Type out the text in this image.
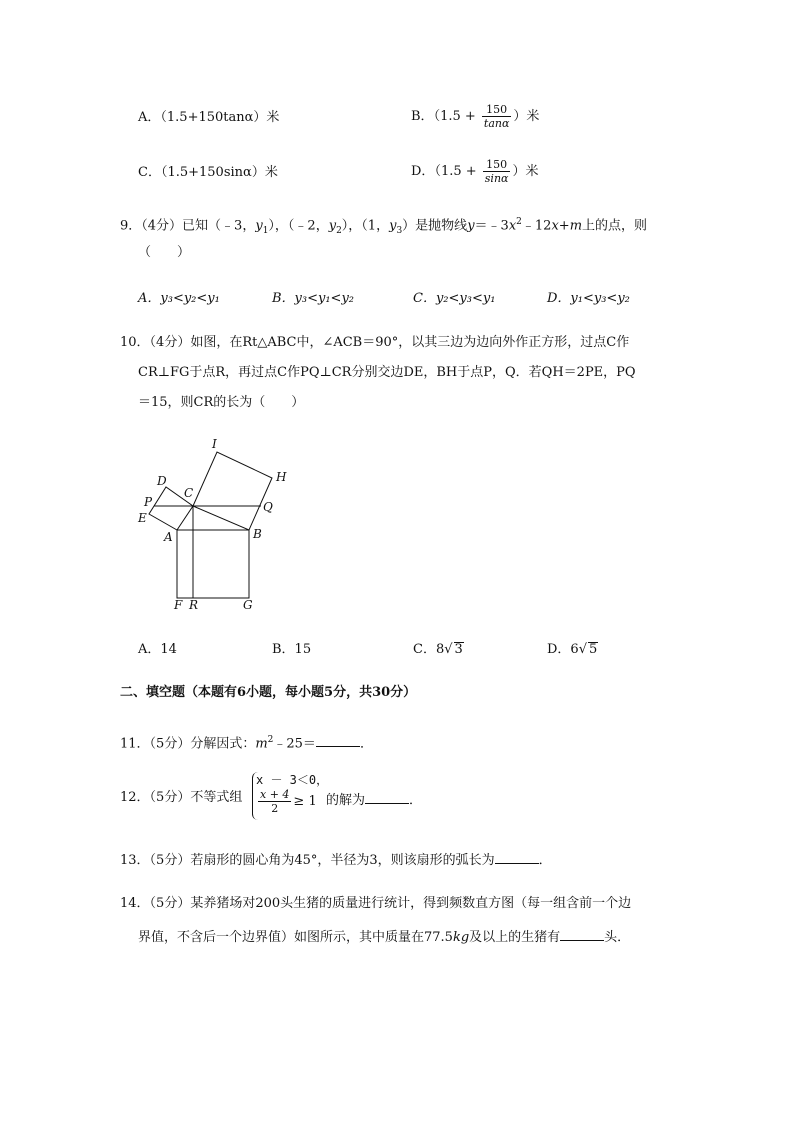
A．（1.5+150tanα）米	B．（$1.5 + \frac{150}{\tan\alpha}$ ）米
C．（1.5+150sinα）米	D．（$1.5 + \frac{150}{\sin\alpha}$ ）米
9．（4分）已知（﹣3，$y_1$），（﹣2，$y_2$），（1，$y_3$）是抛物线$y=﹣3x^2﹣12x+m$上的点，则
（　　）
A．y₃<y₂<y₁	B．y₃<y₁<y₂	C．y₂<y₃<y₁	D．y₁<y₃<y₂
10．（4分）如图，在Rt△ABC中，∠ACB＝90°，以其三边为边向外作正方形，过点C作
CR⊥FG于点R，再过点C作PQ⊥CR分别交边DE，BH于点P，Q．若QH＝2PE，PQ
＝15，则CR的长为（　　）
I
H
D
C
P	Q
E
A	B
F R	G
A．14	B．15	C．8√ 3	D．6√ 5
二、填空题（本题有6小题，每小题5分，共30分）
11．（5分）分解因式：$m^2﹣25=$	．
12．（5分）不等式组
x － 3＜0，
$\frac{x + 4}{2} \ge 1$ 的解为	．
13．（5分）若扇形的圆心角为45°，半径为3，则该扇形的弧长为	．
14．（5分）某养猪场对200头生猪的质量进行统计，得到频数直方图（每一组含前一个边
界值，不含后一个边界值）如图所示，其中质量在77.5kg及以上的生猪有	头．
